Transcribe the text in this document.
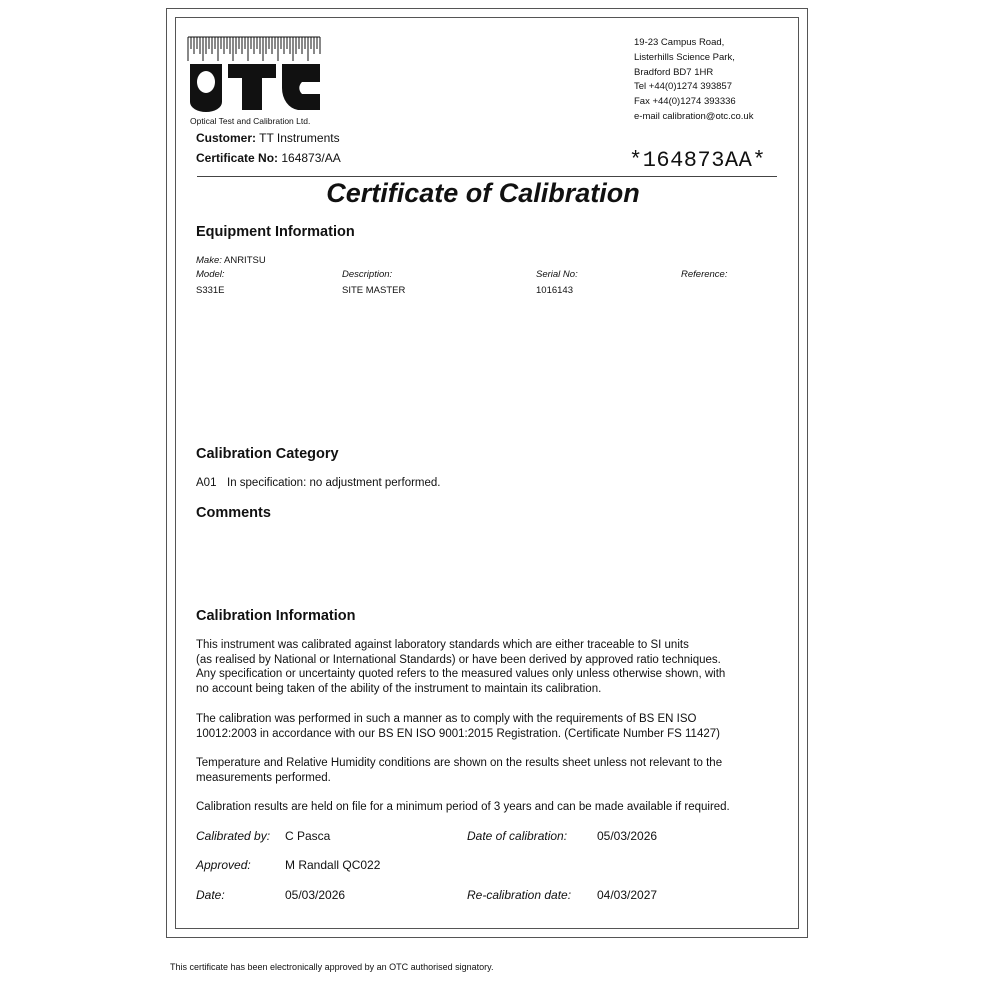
Optical Test and Calibration Ltd.
19-23 Campus Road,
Listerhills Science Park,
Bradford BD7 1HR
Tel +44(0)1274 393857
Fax +44(0)1274 393336
e-mail calibration@otc.co.uk
Customer: TT Instruments
Certificate No: 164873/AA	*164873AA*
Certificate of Calibration
Equipment Information
Make: ANRITSU
Model:	Description:	Serial No:	Reference:
S331E	SITE MASTER	1016143
Calibration Category
A01 In specification: no adjustment performed.
Comments
Calibration Information
This instrument was calibrated against laboratory standards which are either traceable to SI units
(as realised by National or International Standards) or have been derived by approved ratio techniques.
Any specification or uncertainty quoted refers to the measured values only unless otherwise shown, with
no account being taken of the ability of the instrument to maintain its calibration.
The calibration was performed in such a manner as to comply with the requirements of BS EN ISO
10012:2003 in accordance with our BS EN ISO 9001:2015 Registration. (Certificate Number FS 11427)
Temperature and Relative Humidity conditions are shown on the results sheet unless not relevant to the
measurements performed.
Calibration results are held on file for a minimum period of 3 years and can be made available if required.
Calibrated by: C Pasca	Date of calibration: 05/03/2026
Approved:	M Randall QC022
Date:	05/03/2026	Re-calibration date: 04/03/2027
This certificate has been electronically approved by an OTC authorised signatory.
